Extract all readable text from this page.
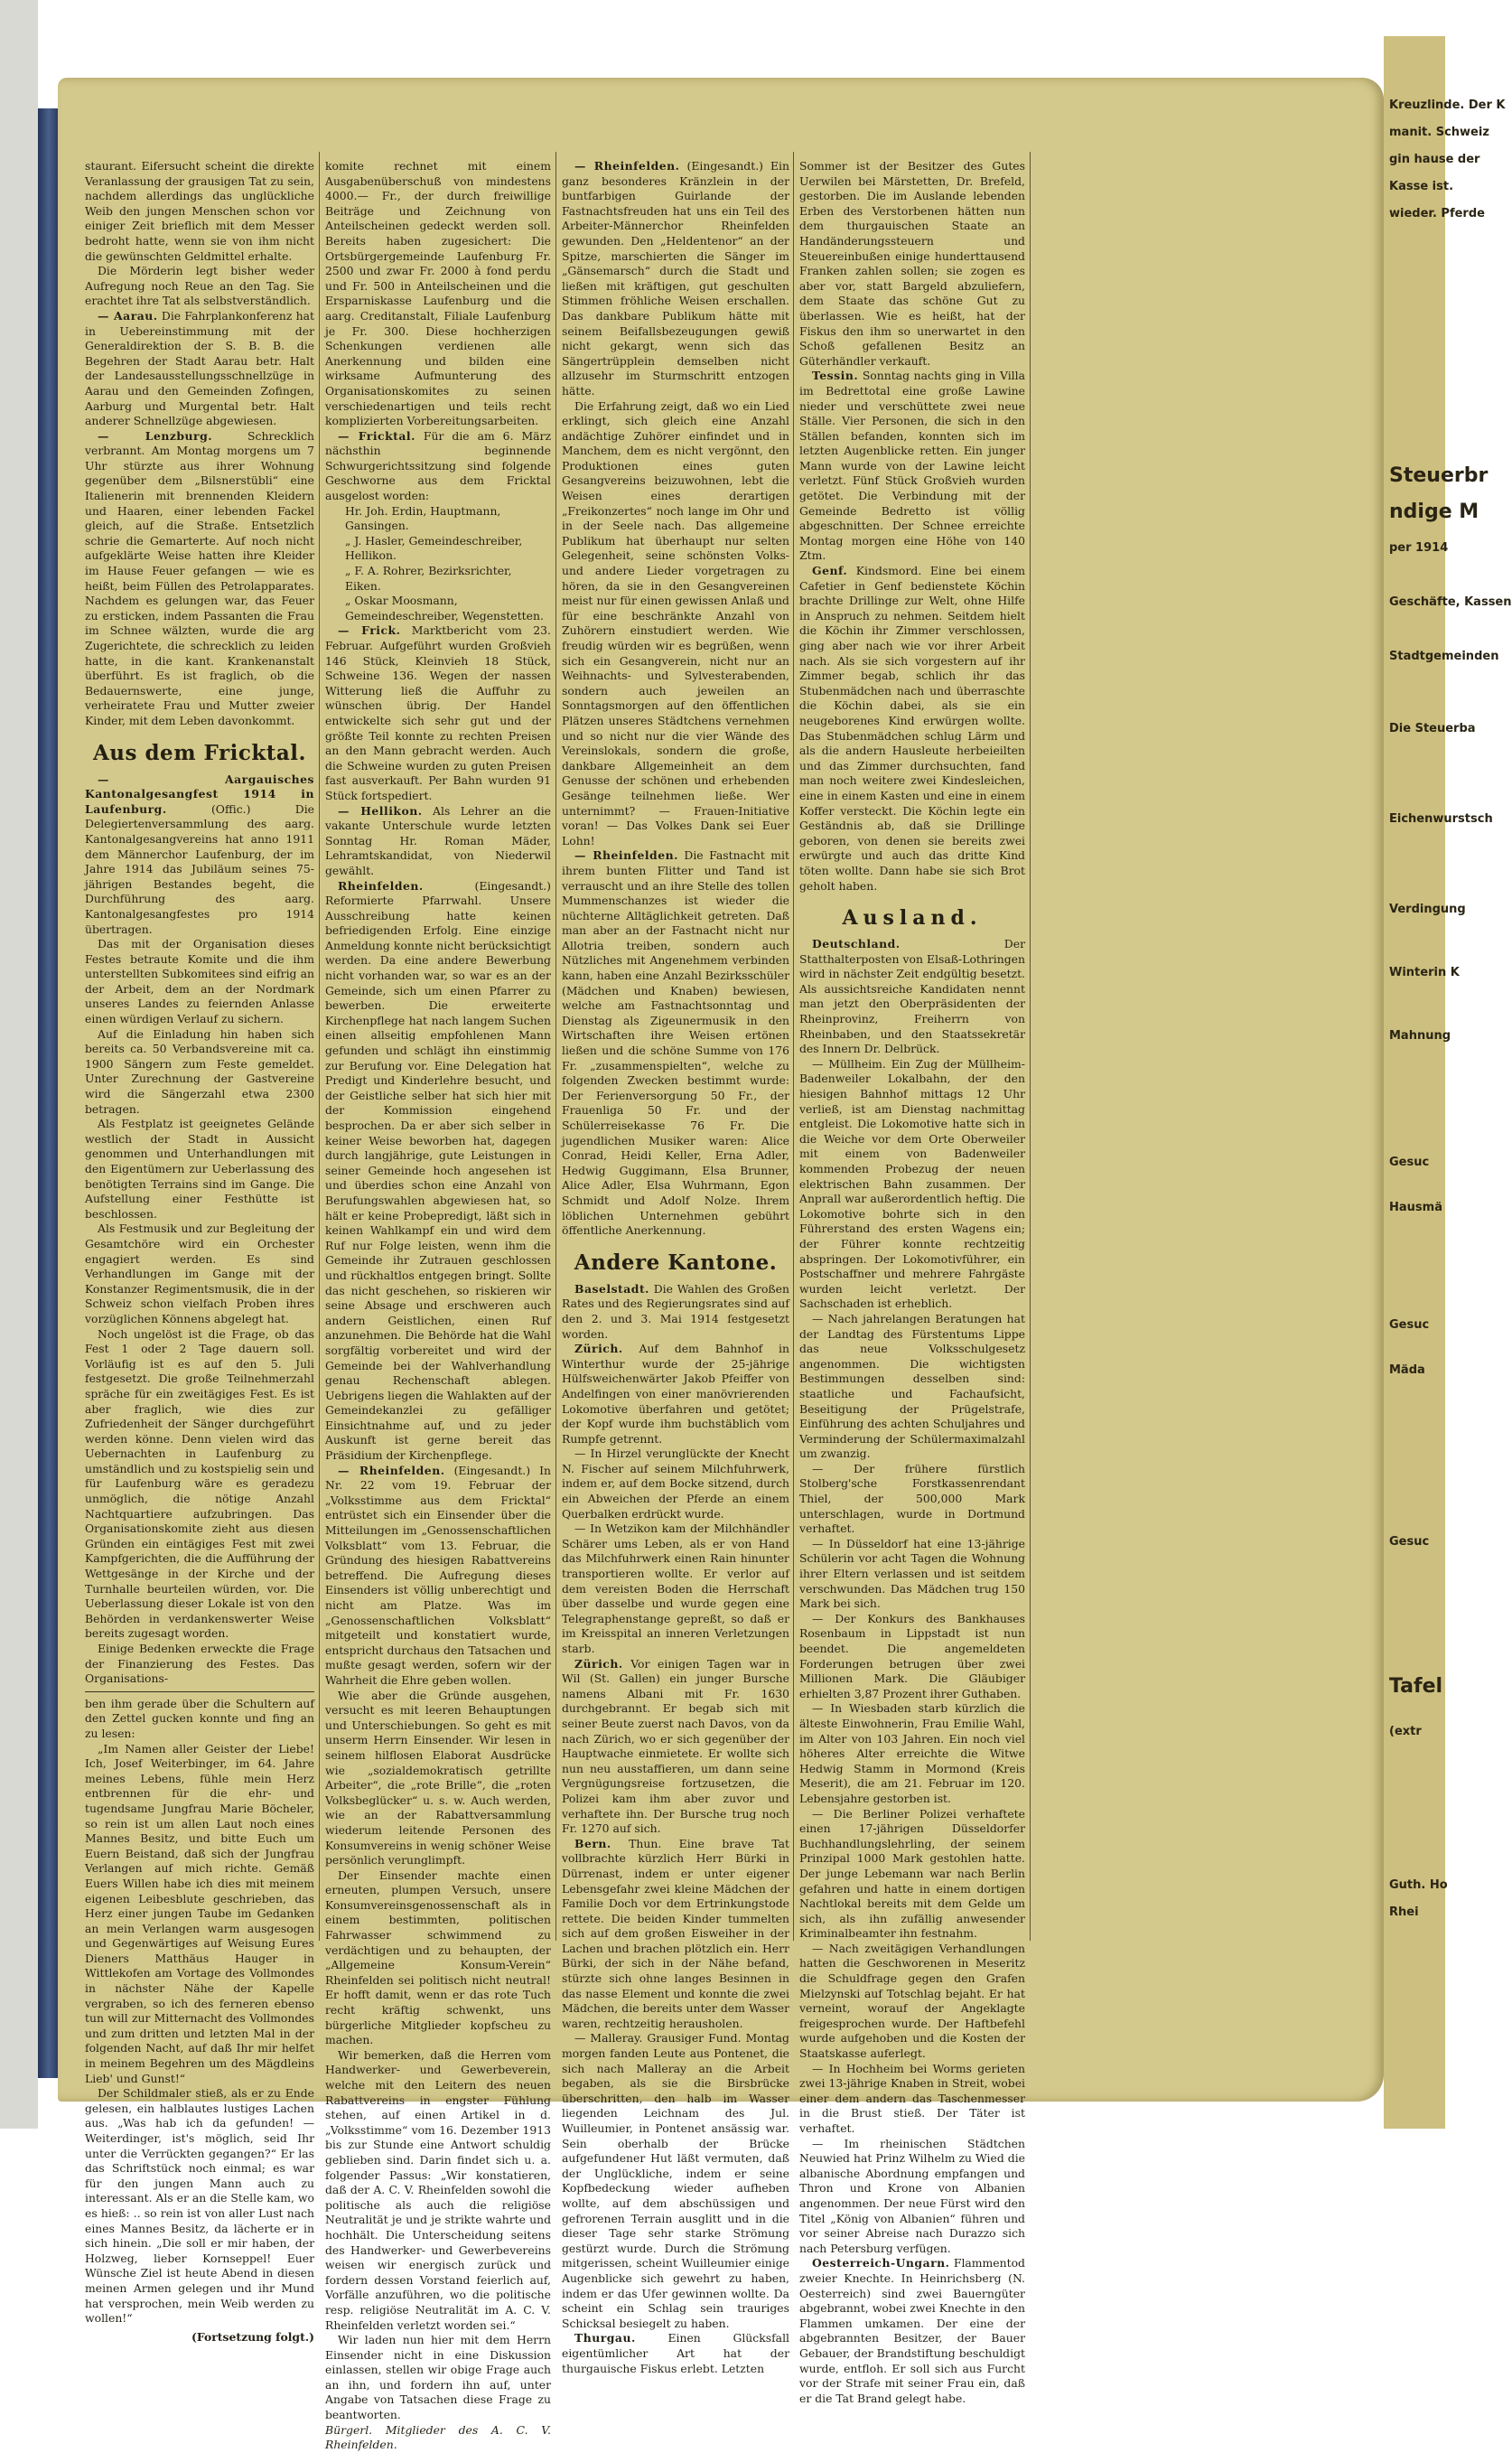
Kreuzlinde. Der K
manit. Schweiz
gin hause der
Kasse ist.
wieder. Pferde
Steuerbr
ndige M
per 1914
Geschäfte, Kassen
Stadtgemeinden
Die Steuerba
Eichenwurstsch
Verdingung
Winterin K
Mahnung
Gesuc
Hausmä
Gesuc
Mäda
Gesuc
Tafel
(extr
Guth. Ho
Rhei

staurant. Eifersucht scheint die direkte Veranlassung der grausigen Tat zu sein, nachdem allerdings das unglückliche Weib den jungen Menschen schon vor einiger Zeit brieflich mit dem Messer bedroht hatte, wenn sie von ihm nicht die gewünschten Geldmittel erhalte.

Die Mörderin legt bisher weder Aufregung noch Reue an den Tag. Sie erachtet ihre Tat als selbstverständlich.

— Aarau. Die Fahrplankonferenz hat in Uebereinstimmung mit der Generaldirektion der S. B. B. die Begehren der Stadt Aarau betr. Halt der Landesausstellungsschnellzüge in Aarau und den Gemeinden Zofingen, Aarburg und Murgental betr. Halt anderer Schnellzüge abgewiesen.

— Lenzburg. Schrecklich verbrannt. Am Montag morgens um 7 Uhr stürzte aus ihrer Wohnung gegenüber dem „Bilsnerstübli“ eine Italienerin mit brennenden Kleidern und Haaren, einer lebenden Fackel gleich, auf die Straße. Entsetzlich schrie die Gemarterte. Auf noch nicht aufgeklärte Weise hatten ihre Kleider im Hause Feuer gefangen — wie es heißt, beim Füllen des Petrolapparates. Nachdem es gelungen war, das Feuer zu ersticken, indem Passanten die Frau im Schnee wälzten, wurde die arg Zugerichtete, die schrecklich zu leiden hatte, in die kant. Krankenanstalt überführt. Es ist fraglich, ob die Bedauernswerte, eine junge, verheiratete Frau und Mutter zweier Kinder, mit dem Leben davonkommt.

Aus dem Fricktal.

— Aargauisches Kantonalgesangfest 1914 in Laufenburg. (Offic.) Die Delegiertenversammlung des aarg. Kantonalgesangvereins hat anno 1911 dem Männerchor Laufenburg, der im Jahre 1914 das Jubiläum seines 75-jährigen Bestandes begeht, die Durchführung des aarg. Kantonalgesangfestes pro 1914 übertragen.

Das mit der Organisation dieses Festes betraute Komite und die ihm unterstellten Subkomitees sind eifrig an der Arbeit, dem an der Nordmark unseres Landes zu feiernden Anlasse einen würdigen Verlauf zu sichern.

Auf die Einladung hin haben sich bereits ca. 50 Verbandsvereine mit ca. 1900 Sängern zum Feste gemeldet. Unter Zurechnung der Gastvereine wird die Sängerzahl etwa 2300 betragen.

Als Festplatz ist geeignetes Gelände westlich der Stadt in Aussicht genommen und Unterhandlungen mit den Eigentümern zur Ueberlassung des benötigten Terrains sind im Gange. Die Aufstellung einer Festhütte ist beschlossen.

Als Festmusik und zur Begleitung der Gesamtchöre wird ein Orchester engagiert werden. Es sind Verhandlungen im Gange mit der Konstanzer Regimentsmusik, die in der Schweiz schon vielfach Proben ihres vorzüglichen Könnens abgelegt hat.

Noch ungelöst ist die Frage, ob das Fest 1 oder 2 Tage dauern soll. Vorläufig ist es auf den 5. Juli festgesetzt. Die große Teilnehmerzahl spräche für ein zweitägiges Fest. Es ist aber fraglich, wie dies zur Zufriedenheit der Sänger durchgeführt werden könne. Denn vielen wird das Uebernachten in Laufenburg zu umständlich und zu kostspielig sein und für Laufenburg wäre es geradezu unmöglich, die nötige Anzahl Nachtquartiere aufzubringen. Das Organisationskomite zieht aus diesen Gründen ein eintägiges Fest mit zwei Kampfgerichten, die die Aufführung der Wettgesänge in der Kirche und der Turnhalle beurteilen würden, vor. Die Ueberlassung dieser Lokale ist von den Behörden in verdankenswerter Weise bereits zugesagt worden.

Einige Bedenken erweckte die Frage der Finanzierung des Festes. Das Organisations-

ben ihm gerade über die Schultern auf den Zettel gucken konnte und fing an zu lesen:

„Im Namen aller Geister der Liebe! Ich, Josef Weiterbinger, im 64. Jahre meines Lebens, fühle mein Herz entbrennen für die ehr- und tugendsame Jungfrau Marie Böcheler, so rein ist um allen Laut noch eines Mannes Besitz, und bitte Euch um Euern Beistand, daß sich der Jungfrau Verlangen auf mich richte. Gemäß Euers Willen habe ich dies mit meinem eigenen Leibesblute geschrieben, das Herz einer jungen Taube im Gedanken an mein Verlangen warm ausgesogen und Gegenwärtiges auf Weisung Eures Dieners Matthäus Hauger in Wittlekofen am Vortage des Vollmondes in nächster Nähe der Kapelle vergraben, so ich des ferneren ebenso tun will zur Mitternacht des Vollmondes und zum dritten und letzten Mal in der folgenden Nacht, auf daß Ihr mir helfet in meinem Begehren um des Mägdleins Lieb' und Gunst!“

Der Schildmaler stieß, als er zu Ende gelesen, ein halblautes lustiges Lachen aus. „Was hab ich da gefunden! — Weiterdinger, ist's möglich, seid Ihr unter die Verrückten gegangen?“ Er las das Schriftstück noch einmal; es war für den jungen Mann auch zu interessant. Als er an die Stelle kam, wo es hieß: .. so rein ist von aller Lust nach eines Mannes Besitz, da lächerte er in sich hinein. „Die soll er mir haben, der Holzweg, lieber Kornseppel! Euer Wünsche Ziel ist heute Abend in diesen meinen Armen gelegen und ihr Mund hat versprochen, mein Weib werden zu wollen!“

(Fortsetzung folgt.)

komite rechnet mit einem Ausgabenüberschuß von mindestens 4000.— Fr., der durch freiwillige Beiträge und Zeichnung von Anteilscheinen gedeckt werden soll. Bereits haben zugesichert: Die Ortsbürgergemeinde Laufenburg Fr. 2500 und zwar Fr. 2000 à fond perdu und Fr. 500 in Anteilscheinen und die Ersparniskasse Laufenburg und die aarg. Creditanstalt, Filiale Laufenburg je Fr. 300. Diese hochherzigen Schenkungen verdienen alle Anerkennung und bilden eine wirksame Aufmunterung des Organisationskomites zu seinen verschiedenartigen und teils recht komplizierten Vorbereitungsarbeiten.

— Fricktal. Für die am 6. März nächsthin beginnende Schwurgerichtssitzung sind folgende Geschworne aus dem Fricktal ausgelost worden:

Hr. Joh. Erdin, Hauptmann, Gansingen.

„ J. Hasler, Gemeindeschreiber, Hellikon.

„ F. A. Rohrer, Bezirksrichter, Eiken.

„ Oskar Moosmann, Gemeindeschreiber, Wegenstetten.

— Frick. Marktbericht vom 23. Februar. Aufgeführt wurden Großvieh 146 Stück, Kleinvieh 18 Stück, Schweine 136. Wegen der nassen Witterung ließ die Auffuhr zu wünschen übrig. Der Handel entwickelte sich sehr gut und der größte Teil konnte zu rechten Preisen an den Mann gebracht werden. Auch die Schweine wurden zu guten Preisen fast ausverkauft. Per Bahn wurden 91 Stück fortspediert.

— Hellikon. Als Lehrer an die vakante Unterschule wurde letzten Sonntag Hr. Roman Mäder, Lehramtskandidat, von Niederwil gewählt.

Rheinfelden. (Eingesandt.) Reformierte Pfarrwahl. Unsere Ausschreibung hatte keinen befriedigenden Erfolg. Eine einzige Anmeldung konnte nicht berücksichtigt werden. Da eine andere Bewerbung nicht vorhanden war, so war es an der Gemeinde, sich um einen Pfarrer zu bewerben. Die erweiterte Kirchenpflege hat nach langem Suchen einen allseitig empfohlenen Mann gefunden und schlägt ihn einstimmig zur Berufung vor. Eine Delegation hat Predigt und Kinderlehre besucht, und der Geistliche selber hat sich hier mit der Kommission eingehend besprochen. Da er aber sich selber in keiner Weise beworben hat, dagegen durch langjährige, gute Leistungen in seiner Gemeinde hoch angesehen ist und überdies schon eine Anzahl von Berufungswahlen abgewiesen hat, so hält er keine Probepredigt, läßt sich in keinen Wahlkampf ein und wird dem Ruf nur Folge leisten, wenn ihm die Gemeinde ihr Zutrauen geschlossen und rückhaltlos entgegen bringt. Sollte das nicht geschehen, so riskieren wir seine Absage und erschweren auch andern Geistlichen, einen Ruf anzunehmen. Die Behörde hat die Wahl sorgfältig vorbereitet und wird der Gemeinde bei der Wahlverhandlung genau Rechenschaft ablegen. Uebrigens liegen die Wahlakten auf der Gemeindekanzlei zu gefälliger Einsichtnahme auf, und zu jeder Auskunft ist gerne bereit das Präsidium der Kirchenpflege.

— Rheinfelden. (Eingesandt.) In Nr. 22 vom 19. Februar der „Volksstimme aus dem Fricktal“ entrüstet sich ein Einsender über die Mitteilungen im „Genossenschaftlichen Volksblatt“ vom 13. Februar, die Gründung des hiesigen Rabattvereins betreffend. Die Aufregung dieses Einsenders ist völlig unberechtigt und nicht am Platze. Was im „Genossenschaftlichen Volksblatt“ mitgeteilt und konstatiert wurde, entspricht durchaus den Tatsachen und mußte gesagt werden, sofern wir der Wahrheit die Ehre geben wollen.

Wie aber die Gründe ausgehen, versucht es mit leeren Behauptungen und Unterschiebungen. So geht es mit unserm Herrn Einsender. Wir lesen in seinem hilflosen Elaborat Ausdrücke wie „sozialdemokratisch getrillte Arbeiter“, die „rote Brille“, die „roten Volksbeglücker“ u. s. w. Auch werden, wie an der Rabattversammlung wiederum leitende Personen des Konsumvereins in wenig schöner Weise persönlich verunglimpft.

Der Einsender machte einen erneuten, plumpen Versuch, unsere Konsumvereinsgenossenschaft als in einem bestimmten, politischen Fahrwasser schwimmend zu verdächtigen und zu behaupten, der „Allgemeine Konsum-Verein“ Rheinfelden sei politisch nicht neutral! Er hofft damit, wenn er das rote Tuch recht kräftig schwenkt, uns bürgerliche Mitglieder kopfscheu zu machen.

Wir bemerken, daß die Herren vom Handwerker- und Gewerbeverein, welche mit den Leitern des neuen Rabattvereins in engster Fühlung stehen, auf einen Artikel in d. „Volksstimme“ vom 16. Dezember 1913 bis zur Stunde eine Antwort schuldig geblieben sind. Darin findet sich u. a. folgender Passus: „Wir konstatieren, daß der A. C. V. Rheinfelden sowohl die politische als auch die religiöse Neutralität je und je strikte wahrte und hochhält. Die Unterscheidung seitens des Handwerker- und Gewerbevereins weisen wir energisch zurück und fordern dessen Vorstand feierlich auf, Vorfälle anzuführen, wo die politische resp. religiöse Neutralität im A. C. V. Rheinfelden verletzt worden sei.“

Wir laden nun hier mit dem Herrn Einsender nicht in eine Diskussion einlassen, stellen wir obige Frage auch an ihn, und fordern ihn auf, unter Angabe von Tatsachen diese Frage zu beantworten.

Bürgerl. Mitglieder des A. C. V. Rheinfelden.

— Rheinfelden. (Eingesandt.) Ein ganz besonderes Kränzlein in der buntfarbigen Guirlande der Fastnachtsfreuden hat uns ein Teil des Arbeiter-Männerchor Rheinfelden gewunden. Den „Heldentenor“ an der Spitze, marschierten die Sänger im „Gänsemarsch“ durch die Stadt und ließen mit kräftigen, gut geschulten Stimmen fröhliche Weisen erschallen. Das dankbare Publikum hätte mit seinem Beifallsbezeugungen gewiß nicht gekargt, wenn sich das Sängertrüpplein demselben nicht allzusehr im Sturmschritt entzogen hätte.

Die Erfahrung zeigt, daß wo ein Lied erklingt, sich gleich eine Anzahl andächtige Zuhörer einfindet und in Manchem, dem es nicht vergönnt, den Produktionen eines guten Gesangvereins beizuwohnen, lebt die Weisen eines derartigen „Freikonzertes“ noch lange im Ohr und in der Seele nach. Das allgemeine Publikum hat überhaupt nur selten Gelegenheit, seine schönsten Volks- und andere Lieder vorgetragen zu hören, da sie in den Gesangvereinen meist nur für einen gewissen Anlaß und für eine beschränkte Anzahl von Zuhörern einstudiert werden. Wie freudig würden wir es begrüßen, wenn sich ein Gesangverein, nicht nur an Weihnachts- und Sylvesterabenden, sondern auch jeweilen an Sonntagsmorgen auf den öffentlichen Plätzen unseres Städtchens vernehmen und so nicht nur die vier Wände des Vereinslokals, sondern die große, dankbare Allgemeinheit an dem Genusse der schönen und erhebenden Gesänge teilnehmen ließe. Wer unternimmt? — Frauen-Initiative voran! — Das Volkes Dank sei Euer Lohn!

— Rheinfelden. Die Fastnacht mit ihrem bunten Flitter und Tand ist verrauscht und an ihre Stelle des tollen Mummenschanzes ist wieder die nüchterne Alltäglichkeit getreten. Daß man aber an der Fastnacht nicht nur Allotria treiben, sondern auch Nützliches mit Angenehmem verbinden kann, haben eine Anzahl Bezirksschüler (Mädchen und Knaben) bewiesen, welche am Fastnachtsonntag und Dienstag als Zigeunermusik in den Wirtschaften ihre Weisen ertönen ließen und die schöne Summe von 176 Fr. „zusammenspielten“, welche zu folgenden Zwecken bestimmt wurde: Der Ferienversorgung 50 Fr., der Frauenliga 50 Fr. und der Schülerreisekasse 76 Fr. Die jugendlichen Musiker waren: Alice Conrad, Heidi Keller, Erna Adler, Hedwig Guggimann, Elsa Brunner, Alice Adler, Elsa Wuhrmann, Egon Schmidt und Adolf Nolze. Ihrem löblichen Unternehmen gebührt öffentliche Anerkennung.

Andere Kantone.

Baselstadt. Die Wahlen des Großen Rates und des Regierungsrates sind auf den 2. und 3. Mai 1914 festgesetzt worden.

Zürich. Auf dem Bahnhof in Winterthur wurde der 25-jährige Hülfsweichenwärter Jakob Pfeiffer von Andelfingen von einer manövrierenden Lokomotive überfahren und getötet; der Kopf wurde ihm buchstäblich vom Rumpfe getrennt.

— In Hirzel verunglückte der Knecht N. Fischer auf seinem Milchfuhrwerk, indem er, auf dem Bocke sitzend, durch ein Abweichen der Pferde an einem Querbalken erdrückt wurde.

— In Wetzikon kam der Milchhändler Schärer ums Leben, als er von Hand das Milchfuhrwerk einen Rain hinunter transportieren wollte. Er verlor auf dem vereisten Boden die Herrschaft über dasselbe und wurde gegen eine Telegraphenstange gepreßt, so daß er im Kreisspital an inneren Verletzungen starb.

Zürich. Vor einigen Tagen war in Wil (St. Gallen) ein junger Bursche namens Albani mit Fr. 1630 durchgebrannt. Er begab sich mit seiner Beute zuerst nach Davos, von da nach Zürich, wo er sich gegenüber der Hauptwache einmietete. Er wollte sich nun neu ausstaffieren, um dann seine Vergnügungsreise fortzusetzen, die Polizei kam ihm aber zuvor und verhaftete ihn. Der Bursche trug noch Fr. 1270 auf sich.

Bern. Thun. Eine brave Tat vollbrachte kürzlich Herr Bürki in Dürrenast, indem er unter eigener Lebensgefahr zwei kleine Mädchen der Familie Doch vor dem Ertrinkungstode rettete. Die beiden Kinder tummelten sich auf dem großen Eisweiher in der Lachen und brachen plötzlich ein. Herr Bürki, der sich in der Nähe befand, stürzte sich ohne langes Besinnen in das nasse Element und konnte die zwei Mädchen, die bereits unter dem Wasser waren, rechtzeitig herausholen.

— Malleray. Grausiger Fund. Montag morgen fanden Leute aus Pontenet, die sich nach Malleray an die Arbeit begaben, als sie die Birsbrücke überschritten, den halb im Wasser liegenden Leichnam des Jul. Wuilleumier, in Pontenet ansässig war. Sein oberhalb der Brücke aufgefundener Hut läßt vermuten, daß der Unglückliche, indem er seine Kopfbedeckung wieder aufheben wollte, auf dem abschüssigen und gefrorenen Terrain ausglitt und in die dieser Tage sehr starke Strömung gestürzt wurde. Durch die Strömung mitgerissen, scheint Wuilleumier einige Augenblicke sich gewehrt zu haben, indem er das Ufer gewinnen wollte. Da scheint ein Schlag sein trauriges Schicksal besiegelt zu haben.

Thurgau. Einen Glücksfall eigentümlicher Art hat der thurgauische Fiskus erlebt. Letzten

Sommer ist der Besitzer des Gutes Uerwilen bei Märstetten, Dr. Brefeld, gestorben. Die im Auslande lebenden Erben des Verstorbenen hätten nun dem thurgauischen Staate an Handänderungssteuern und Steuereinbußen einige hunderttausend Franken zahlen sollen; sie zogen es aber vor, statt Bargeld abzuliefern, dem Staate das schöne Gut zu überlassen. Wie es heißt, hat der Fiskus den ihm so unerwartet in den Schoß gefallenen Besitz an Güterhändler verkauft.

Tessin. Sonntag nachts ging in Villa im Bedrettotal eine große Lawine nieder und verschüttete zwei neue Ställe. Vier Personen, die sich in den Ställen befanden, konnten sich im letzten Augenblicke retten. Ein junger Mann wurde von der Lawine leicht verletzt. Fünf Stück Großvieh wurden getötet. Die Verbindung mit der Gemeinde Bedretto ist völlig abgeschnitten. Der Schnee erreichte Montag morgen eine Höhe von 140 Ztm.

Genf. Kindsmord. Eine bei einem Cafetier in Genf bedienstete Köchin brachte Drillinge zur Welt, ohne Hilfe in Anspruch zu nehmen. Seitdem hielt die Köchin ihr Zimmer verschlossen, ging aber nach wie vor ihrer Arbeit nach. Als sie sich vorgestern auf ihr Zimmer begab, schlich ihr das Stubenmädchen nach und überraschte die Köchin dabei, als sie ein neugeborenes Kind erwürgen wollte. Das Stubenmädchen schlug Lärm und als die andern Hausleute herbeieilten und das Zimmer durchsuchten, fand man noch weitere zwei Kindesleichen, eine in einem Kasten und eine in einem Koffer versteckt. Die Köchin legte ein Geständnis ab, daß sie Drillinge geboren, von denen sie bereits zwei erwürgte und auch das dritte Kind töten wollte. Dann habe sie sich Brot geholt haben.

Ausland.

Deutschland. Der Statthalterposten von Elsaß-Lothringen wird in nächster Zeit endgültig besetzt. Als aussichtsreiche Kandidaten nennt man jetzt den Oberpräsidenten der Rheinprovinz, Freiherrn von Rheinbaben, und den Staatssekretär des Innern Dr. Delbrück.

— Müllheim. Ein Zug der Müllheim-Badenweiler Lokalbahn, der den hiesigen Bahnhof mittags 12 Uhr verließ, ist am Dienstag nachmittag entgleist. Die Lokomotive hatte sich in die Weiche vor dem Orte Oberweiler mit einem von Badenweiler kommenden Probezug der neuen elektrischen Bahn zusammen. Der Anprall war außerordentlich heftig. Die Lokomotive bohrte sich in den Führerstand des ersten Wagens ein; der Führer konnte rechtzeitig abspringen. Der Lokomotivführer, ein Postschaffner und mehrere Fahrgäste wurden leicht verletzt. Der Sachschaden ist erheblich.

— Nach jahrelangen Beratungen hat der Landtag des Fürstentums Lippe das neue Volksschulgesetz angenommen. Die wichtigsten Bestimmungen desselben sind: staatliche und Fachaufsicht, Beseitigung der Prügelstrafe, Einführung des achten Schuljahres und Verminderung der Schülermaximalzahl um zwanzig.

— Der frühere fürstlich Stolberg'sche Forstkassenrendant Thiel, der 500,000 Mark unterschlagen, wurde in Dortmund verhaftet.

— In Düsseldorf hat eine 13-jährige Schülerin vor acht Tagen die Wohnung ihrer Eltern verlassen und ist seitdem verschwunden. Das Mädchen trug 150 Mark bei sich.

— Der Konkurs des Bankhauses Rosenbaum in Lippstadt ist nun beendet. Die angemeldeten Forderungen betrugen über zwei Millionen Mark. Die Gläubiger erhielten 3,87 Prozent ihrer Guthaben.

— In Wiesbaden starb kürzlich die älteste Einwohnerin, Frau Emilie Wahl, im Alter von 103 Jahren. Ein noch viel höheres Alter erreichte die Witwe Hedwig Stamm in Mormond (Kreis Meserit), die am 21. Februar im 120. Lebensjahre gestorben ist.

— Die Berliner Polizei verhaftete einen 17-jährigen Düsseldorfer Buchhandlungslehrling, der seinem Prinzipal 1000 Mark gestohlen hatte. Der junge Lebemann war nach Berlin gefahren und hatte in einem dortigen Nachtlokal bereits mit dem Gelde um sich, als ihn zufällig anwesender Kriminalbeamter ihn festnahm.

— Nach zweitägigen Verhandlungen hatten die Geschworenen in Meseritz die Schuldfrage gegen den Grafen Mielzynski auf Totschlag bejaht. Er hat verneint, worauf der Angeklagte freigesprochen wurde. Der Haftbefehl wurde aufgehoben und die Kosten der Staatskasse auferlegt.

— In Hochheim bei Worms gerieten zwei 13-jährige Knaben in Streit, wobei einer dem andern das Taschenmesser in die Brust stieß. Der Täter ist verhaftet.

— Im rheinischen Städtchen Neuwied hat Prinz Wilhelm zu Wied die albanische Abordnung empfangen und Thron und Krone von Albanien angenommen. Der neue Fürst wird den Titel „König von Albanien“ führen und vor seiner Abreise nach Durazzo sich nach Petersburg verfügen.

Oesterreich-Ungarn. Flammentod zweier Knechte. In Heinrichsberg (N. Oesterreich) sind zwei Bauerngüter abgebrannt, wobei zwei Knechte in den Flammen umkamen. Der eine der abgebrannten Besitzer, der Bauer Gebauer, der Brandstiftung beschuldigt wurde, entfloh. Er soll sich aus Furcht vor der Strafe mit seiner Frau ein, daß er die Tat Brand gelegt habe.
